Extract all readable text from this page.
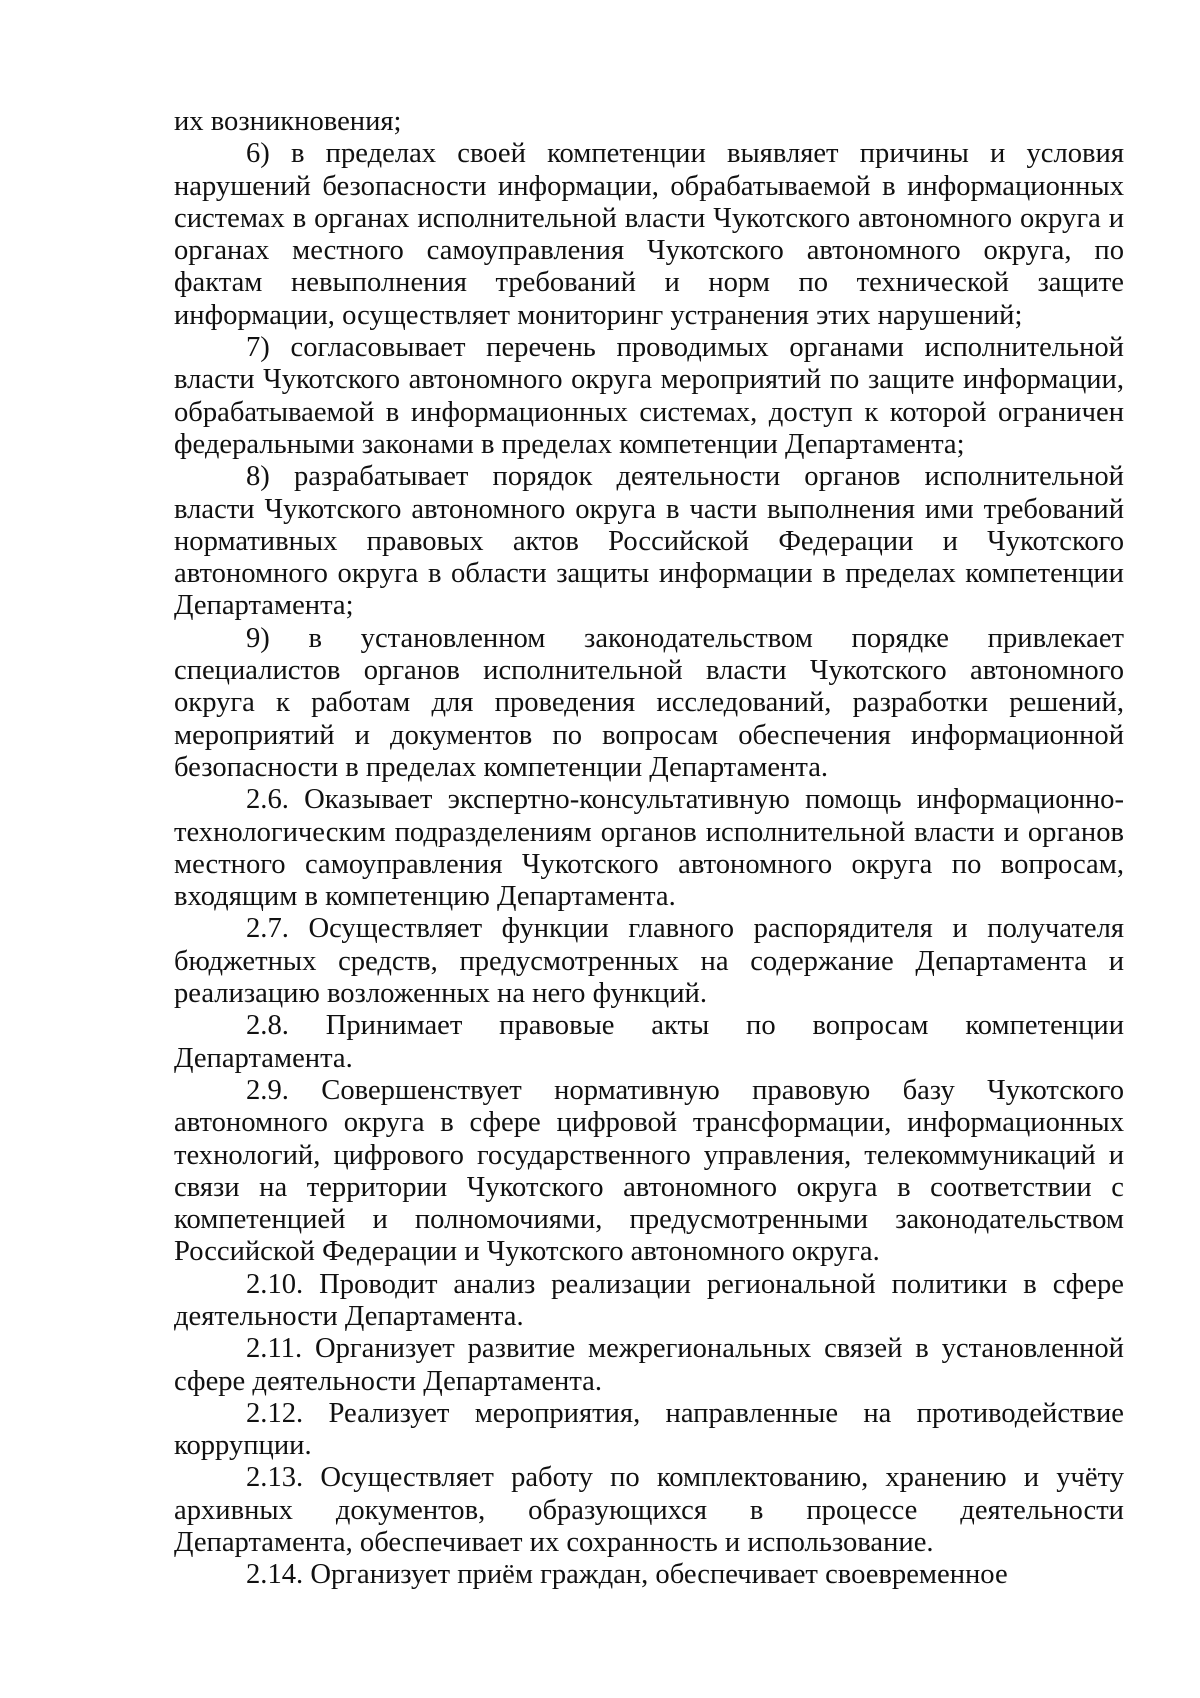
их возникновения;

6) в пределах своей компетенции выявляет причины и условия нарушений безопасности информации, обрабатываемой в информационных системах в органах исполнительной власти Чукотского автономного округа и органах местного самоуправления Чукотского автономного округа, по фактам невыполнения требований и норм по технической защите информации, осуществляет мониторинг устранения этих нарушений;

7) согласовывает перечень проводимых органами исполнительной власти Чукотского автономного округа мероприятий по защите информации, обрабатываемой в информационных системах, доступ к которой ограничен федеральными законами в пределах компетенции Департамента;

8) разрабатывает порядок деятельности органов исполнительной власти Чукотского автономного округа в части выполнения ими требований нормативных правовых актов Российской Федерации и Чукотского автономного округа в области защиты информации в пределах компетенции Департамента;

9) в установленном законодательством порядке привлекает специалистов органов исполнительной власти Чукотского автономного округа к работам для проведения исследований, разработки решений, мероприятий и документов по вопросам обеспечения информационной безопасности в пределах компетенции Департамента.

2.6. Оказывает экспертно-консультативную помощь информационно-технологическим подразделениям органов исполнительной власти и органов местного самоуправления Чукотского автономного округа по вопросам, входящим в компетенцию Департамента.

2.7. Осуществляет функции главного распорядителя и получателя бюджетных средств, предусмотренных на содержание Департамента и реализацию возложенных на него функций.

2.8. Принимает правовые акты по вопросам компетенции Департамента.

2.9. Совершенствует нормативную правовую базу Чукотского автономного округа в сфере цифровой трансформации, информационных технологий, цифрового государственного управления, телекоммуникаций и связи на территории Чукотского автономного округа в соответствии с компетенцией и полномочиями, предусмотренными законодательством Российской Федерации и Чукотского автономного округа.

2.10. Проводит анализ реализации региональной политики в сфере деятельности Департамента.

2.11. Организует развитие межрегиональных связей в установленной сфере деятельности Департамента.

2.12. Реализует мероприятия, направленные на противодействие коррупции.

2.13. Осуществляет работу по комплектованию, хранению и учёту архивных документов, образующихся в процессе деятельности Департамента, обеспечивает их сохранность и использование.

2.14. Организует приём граждан, обеспечивает своевременное
